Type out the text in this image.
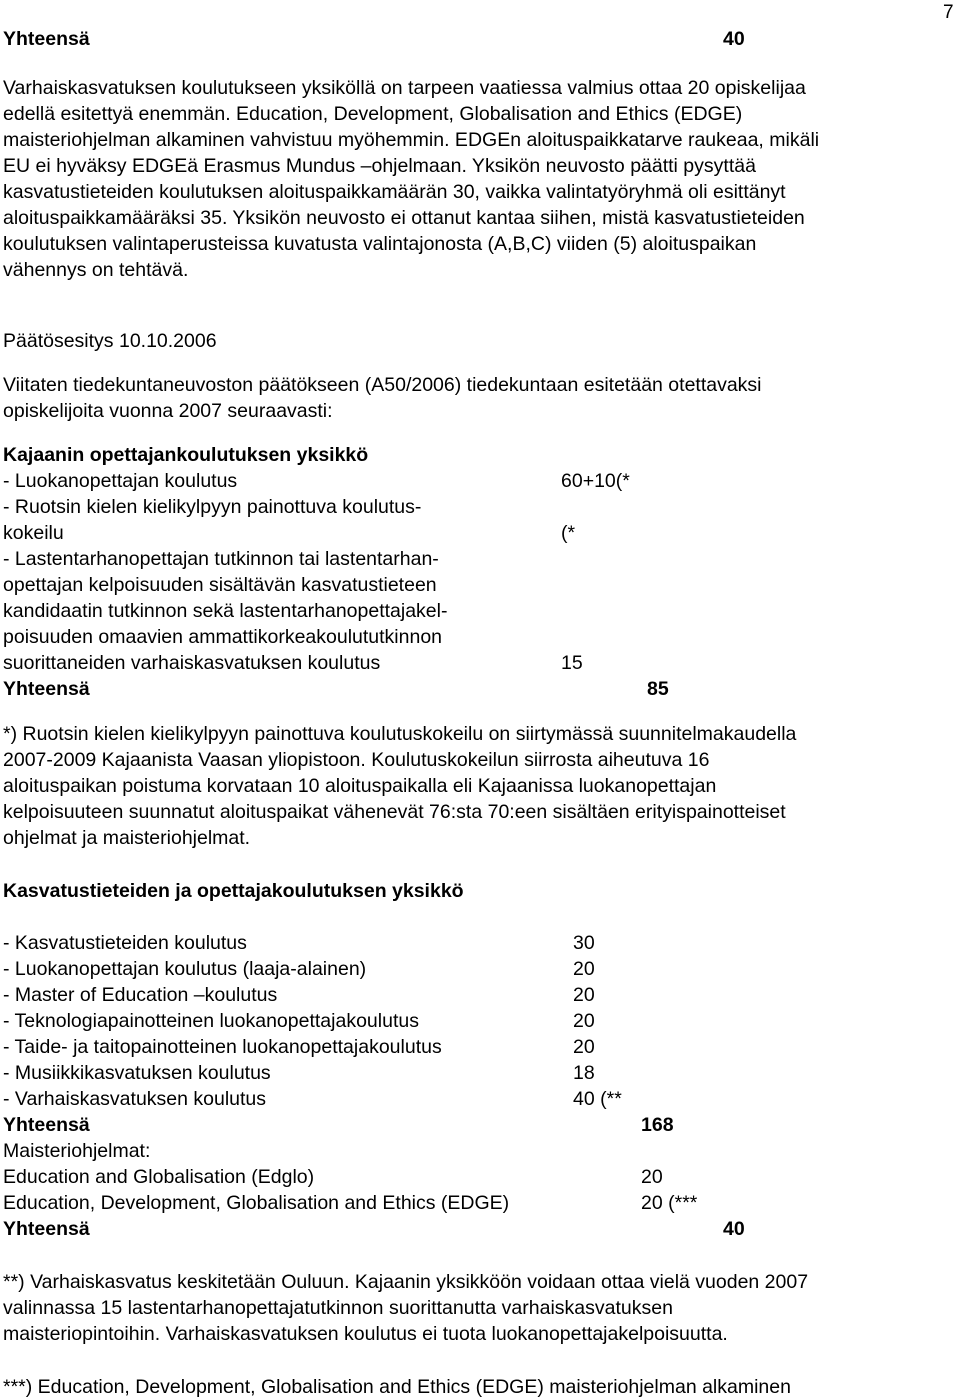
7
Yhteensä	40
Varhaiskasvatuksen koulutukseen yksiköllä on tarpeen vaatiessa valmius ottaa 20 opiskelijaa
edellä esitettyä enemmän. Education, Development, Globalisation and Ethics (EDGE)
maisteriohjelman alkaminen vahvistuu myöhemmin. EDGEn aloituspaikkatarve raukeaa, mikäli
EU ei hyväksy EDGEä Erasmus Mundus –ohjelmaan. Yksikön neuvosto päätti pysyttää
kasvatustieteiden koulutuksen aloituspaikkamäärän 30, vaikka valintatyöryhmä oli esittänyt
aloituspaikkamääräksi 35. Yksikön neuvosto ei ottanut kantaa siihen, mistä kasvatustieteiden
koulutuksen valintaperusteissa kuvatusta valintajonosta (A,B,C) viiden (5) aloituspaikan
vähennys on tehtävä.
Päätösesitys 10.10.2006
Viitaten tiedekuntaneuvoston päätökseen (A50/2006) tiedekuntaan esitetään otettavaksi
opiskelijoita vuonna 2007 seuraavasti:
Kajaanin opettajankoulutuksen yksikkö
- Luokanopettajan koulutus	60+10(*
- Ruotsin kielen kielikylpyyn painottuva koulutus-
kokeilu	(*
- Lastentarhanopettajan tutkinnon tai lastentarhan-
opettajan kelpoisuuden sisältävän kasvatustieteen
kandidaatin tutkinnon sekä lastentarhanopettajakel-
poisuuden omaavien ammattikorkeakoulututkinnon
suorittaneiden varhaiskasvatuksen koulutus	15
Yhteensä	85
*) Ruotsin kielen kielikylpyyn painottuva koulutuskokeilu on siirtymässä suunnitelmakaudella
2007-2009 Kajaanista Vaasan yliopistoon. Koulutuskokeilun siirrosta aiheutuva 16
aloituspaikan poistuma korvataan 10 aloituspaikalla eli Kajaanissa luokanopettajan
kelpoisuuteen suunnatut aloituspaikat vähenevät 76:sta 70:een sisältäen erityispainotteiset
ohjelmat ja maisteriohjelmat.
Kasvatustieteiden ja opettajakoulutuksen yksikkö
- Kasvatustieteiden koulutus	30
- Luokanopettajan koulutus (laaja-alainen)	20
- Master of Education –koulutus	20
- Teknologiapainotteinen luokanopettajakoulutus	20
- Taide- ja taitopainotteinen luokanopettajakoulutus	20
- Musiikkikasvatuksen koulutus	18
- Varhaiskasvatuksen koulutus	40 (**
Yhteensä	168
Maisteriohjelmat:
Education and Globalisation (Edglo)	20
Education, Development, Globalisation and Ethics (EDGE)	20 (***
Yhteensä	40
**) Varhaiskasvatus keskitetään Ouluun. Kajaanin yksikköön voidaan ottaa vielä vuoden 2007
valinnassa 15 lastentarhanopettajatutkinnon suorittanutta varhaiskasvatuksen
maisteriopintoihin. Varhaiskasvatuksen koulutus ei tuota luokanopettajakelpoisuutta.
***) Education, Development, Globalisation and Ethics (EDGE) maisteriohjelman alkaminen
